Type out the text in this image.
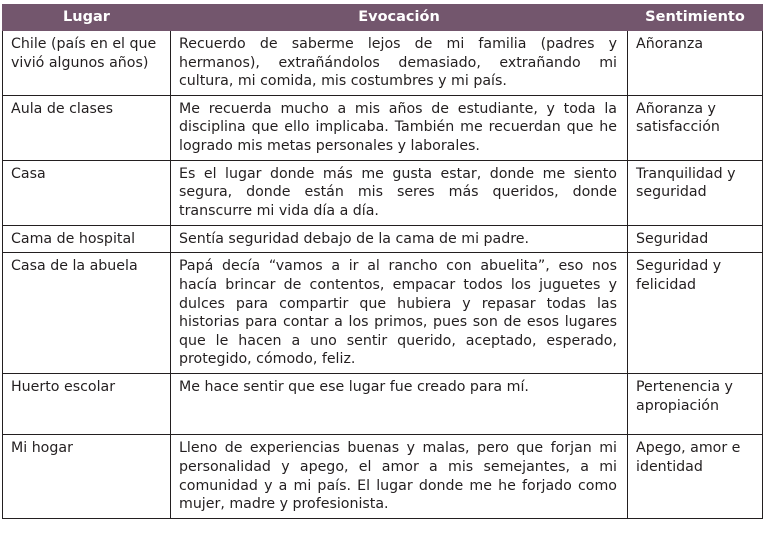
Lugar	Evocación	Sentimiento
Chile (país en el que vivió algunos años)	Recuerdo de saberme lejos de mi familia (padres y hermanos), extrañándolos demasiado, extrañando mi cultura, mi comida, mis costumbres y mi país.	Añoranza
Aula de clases	Me recuerda mucho a mis años de estudiante, y toda la disciplina que ello implicaba. También me recuerdan que he logrado mis metas personales y laborales.	Añoranza y satisfacción
Casa	Es el lugar donde más me gusta estar, donde me siento segura, donde están mis seres más queridos, donde transcurre mi vida día a día.	Tranquilidad y seguridad
Cama de hospital	Sentía seguridad debajo de la cama de mi padre.	Seguridad
Casa de la abuela	Papá decía “vamos a ir al rancho con abuelita”, eso nos hacía brincar de contentos, empacar todos los juguetes y dulces para compartir que hubiera y repasar todas las historias para contar a los primos, pues son de esos lugares que le hacen a uno sentir querido, aceptado, esperado, protegido, cómodo, feliz.	Seguridad y felicidad
Huerto escolar	Me hace sentir que ese lugar fue creado para mí.	Pertenencia y apropiación
Mi hogar	Lleno de experiencias buenas y malas, pero que forjan mi personalidad y apego, el amor a mis semejantes, a mi comunidad y a mi país. El lugar donde me he forjado como mujer, madre y profesionista.	Apego, amor e identidad
